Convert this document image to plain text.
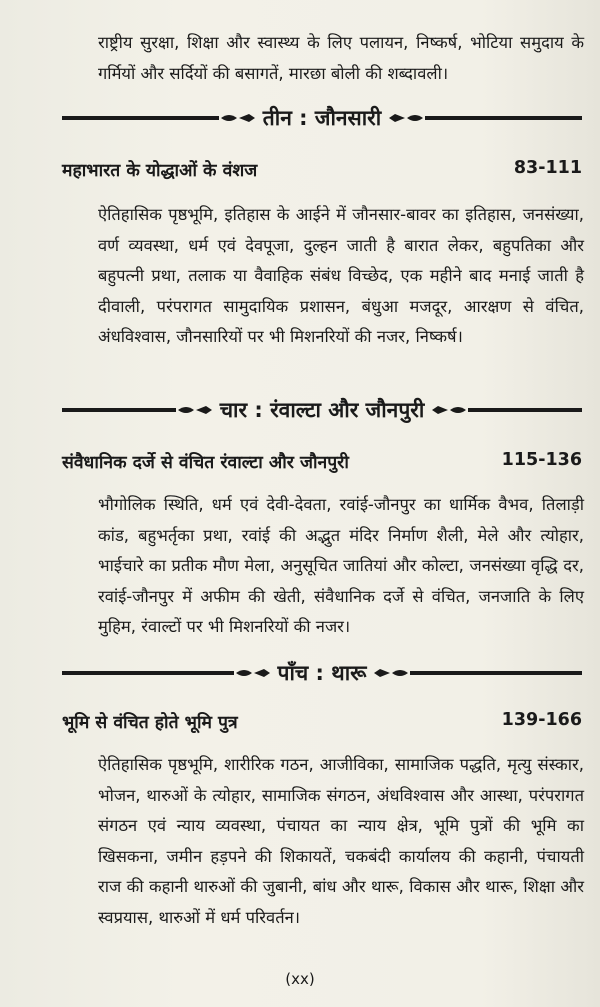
राष्ट्रीय सुरक्षा, शिक्षा और स्वास्थ्य के लिए पलायन, निष्कर्ष, भोटिया समुदाय के गर्मियों और सर्दियों की बसागतें, मारछा बोली की शब्दावली।

तीन : जौनसारी
महाभारत के योद्धाओं के वंशज	83-111

ऐतिहासिक पृष्ठभूमि, इतिहास के आईने में जौनसार-बावर का इतिहास, जनसंख्या, वर्ण व्यवस्था, धर्म एवं देवपूजा, दुल्हन जाती है बारात लेकर, बहुपतिका और बहुपत्नी प्रथा, तलाक या वैवाहिक संबंध विच्छेद, एक महीने बाद मनाई जाती है दीवाली, परंपरागत सामुदायिक प्रशासन, बंधुआ मजदूर, आरक्षण से वंचित, अंधविश्वास, जौनसारियों पर भी मिशनरियों की नजर, निष्कर्ष।

चार : रंवाल्टा और जौनपुरी
संवैधानिक दर्जे से वंचित रंवाल्टा और जौनपुरी	115-136

भौगोलिक स्थिति, धर्म एवं देवी-देवता, रवांई-जौनपुर का धार्मिक वैभव, तिलाड़ी कांड, बहुभर्तृका प्रथा, रवांई की अद्भुत मंदिर निर्माण शैली, मेले और त्योहार, भाईचारे का प्रतीक मौण मेला, अनुसूचित जातियां और कोल्टा, जनसंख्या वृद्धि दर, रवांई-जौनपुर में अफीम की खेती, संवैधानिक दर्जे से वंचित, जनजाति के लिए मुहिम, रंवाल्टों पर भी मिशनरियों की नजर।

पाँच : थारू
भूमि से वंचित होते भूमि पुत्र	139-166

ऐतिहासिक पृष्ठभूमि, शारीरिक गठन, आजीविका, सामाजिक पद्धति, मृत्यु संस्कार, भोजन, थारुओं के त्योहार, सामाजिक संगठन, अंधविश्वास और आस्था, परंपरागत संगठन एवं न्याय व्यवस्था, पंचायत का न्याय क्षेत्र, भूमि पुत्रों की भूमि का खिसकना, जमीन हड़पने की शिकायतें, चकबंदी कार्यालय की कहानी, पंचायती राज की कहानी थारुओं की जुबानी, बांध और थारू, विकास और थारू, शिक्षा और स्वप्रयास, थारुओं में धर्म परिवर्तन।

(xx)
